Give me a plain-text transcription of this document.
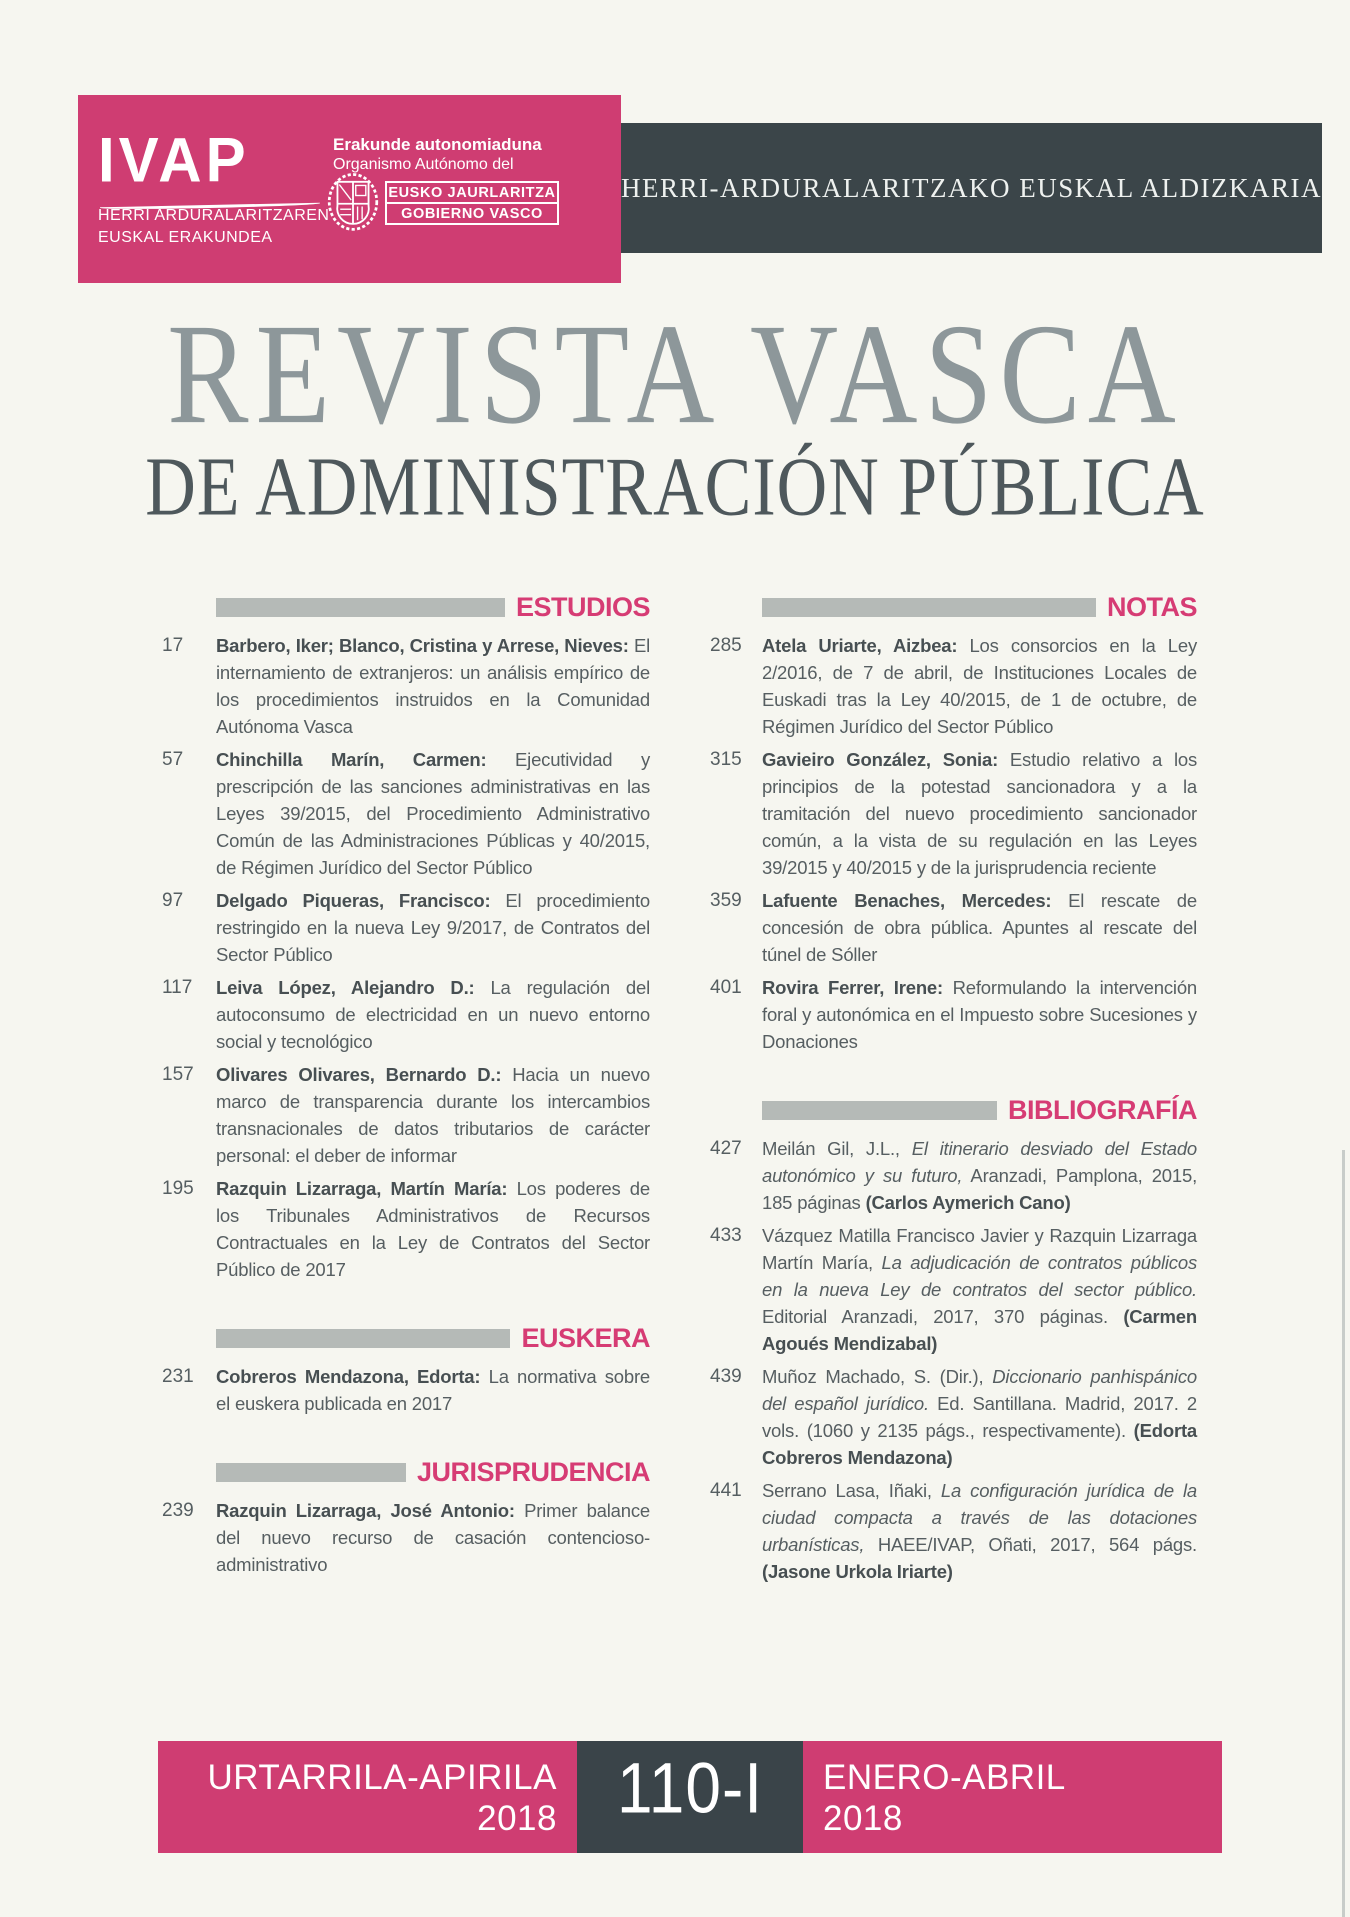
IVAP
HERRI ARDURALARITZAREN
EUSKAL ERAKUNDEA
Erakunde autonomiaduna
Organismo Autónomo del
EUSKO JAURLARITZA
GOBIERNO VASCO
HERRI-ARDURALARITZAKO EUSKAL ALDIZKARIA
REVISTA VASCA
DE ADMINISTRACIÓN PÚBLICA
ESTUDIOS
17	Barbero, Iker; Blanco, Cristina y Arrese, Nieves: El internamiento de extranjeros: un análisis empírico de los procedimientos instruidos en la Comunidad Autónoma Vasca
57	Chinchilla Marín, Carmen: Ejecutividad y prescripción de las sanciones administrativas en las Leyes 39/2015, del Procedimiento Administrativo Común de las Administraciones Públicas y 40/2015, de Régimen Jurídico del Sector Público
97	Delgado Piqueras, Francisco: El procedimiento restringido en la nueva Ley 9/2017, de Contratos del Sector Público
117	Leiva López, Alejandro D.: La regulación del autoconsumo de electricidad en un nuevo entorno social y tecnológico
157	Olivares Olivares, Bernardo D.: Hacia un nuevo marco de transparencia durante los intercambios transnacionales de datos tributarios de carácter personal: el deber de informar
195	Razquin Lizarraga, Martín María: Los poderes de los Tribunales Administrativos de Recursos Contractuales en la Ley de Contratos del Sector Público de 2017
EUSKERA
231	Cobreros Mendazona, Edorta: La normativa sobre el euskera publicada en 2017
JURISPRUDENCIA
239	Razquin Lizarraga, José Antonio: Primer balance del nuevo recurso de casación contencioso-administrativo
NOTAS
285	Atela Uriarte, Aizbea: Los consorcios en la Ley 2/2016, de 7 de abril, de Instituciones Locales de Euskadi tras la Ley 40/2015, de 1 de octubre, de Régimen Jurídico del Sector Público
315	Gavieiro González, Sonia: Estudio relativo a los principios de la potestad sancionadora y a la tramitación del nuevo procedimiento sancionador común, a la vista de su regulación en las Leyes 39/2015 y 40/2015 y de la jurisprudencia reciente
359	Lafuente Benaches, Mercedes: El rescate de concesión de obra pública. Apuntes al rescate del túnel de Sóller
401	Rovira Ferrer, Irene: Reformulando la intervención foral y autonómica en el Impuesto sobre Sucesiones y Donaciones
BIBLIOGRAFÍA
427	Meilán Gil, J.L., El itinerario desviado del Estado autonómico y su futuro, Aranzadi, Pamplona, 2015, 185 páginas (Carlos Aymerich Cano)
433	Vázquez Matilla Francisco Javier y Razquin Lizarraga Martín María, La adjudicación de contratos públicos en la nueva Ley de contratos del sector público. Editorial Aranzadi, 2017, 370 páginas. (Carmen Agoués Mendizabal)
439	Muñoz Machado, S. (Dir.), Diccionario panhispánico del español jurídico. Ed. Santillana. Madrid, 2017. 2 vols. (1060 y 2135 págs., respectivamente). (Edorta Cobreros Mendazona)
441	Serrano Lasa, Iñaki, La configuración jurídica de la ciudad compacta a través de las dotaciones urbanísticas, HAEE/IVAP, Oñati, 2017, 564 págs. (Jasone Urkola Iriarte)
URTARRILA-APIRILA
2018 110-I ENERO-ABRIL
2018
